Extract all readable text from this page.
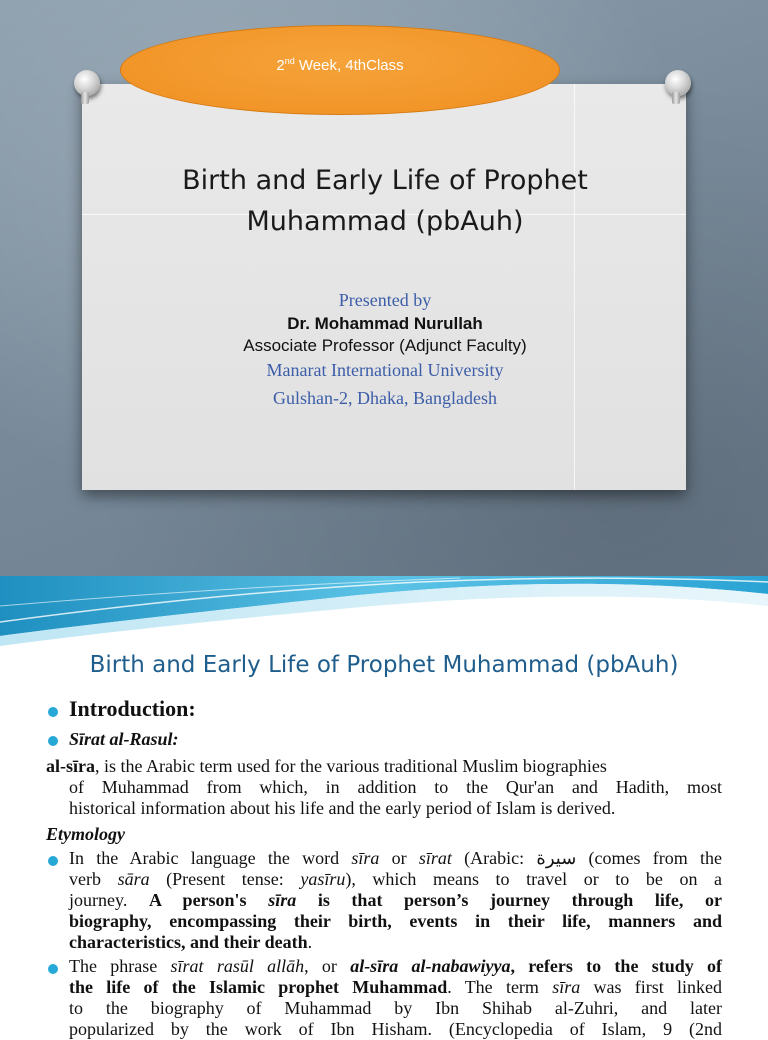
2nd Week, 4thClass
Birth and Early Life of Prophet
Muhammad (pbAuh)
Presented by
Dr. Mohammad Nurullah
Associate Professor (Adjunct Faculty)
Manarat International University
Gulshan-2, Dhaka, Bangladesh
Birth and Early Life of Prophet Muhammad (pbAuh)
Introduction:
Sīrat al-Rasul:
al-sīra, is the Arabic term used for the various traditional Muslim biographies
of Muhammad from which, in addition to the Qur'an and Hadith, most
historical information about his life and the early period of Islam is derived.
Etymology
In the Arabic language the word sīra or sīrat (Arabic: سيرة (comes from the
verb sāra (Present tense: yasīru), which means to travel or to be on a
journey. A person's sīra is that person’s journey through life, or
biography, encompassing their birth, events in their life, manners and
characteristics, and their death.
The phrase sīrat rasūl allāh, or al-sīra al-nabawiyya, refers to the study of
the life of the Islamic prophet Muhammad. The term sīra was first linked
to the biography of Muhammad by Ibn Shihab al-Zuhri, and later
popularized by the work of Ibn Hisham. (Encyclopedia of Islam, 9 (2nd
